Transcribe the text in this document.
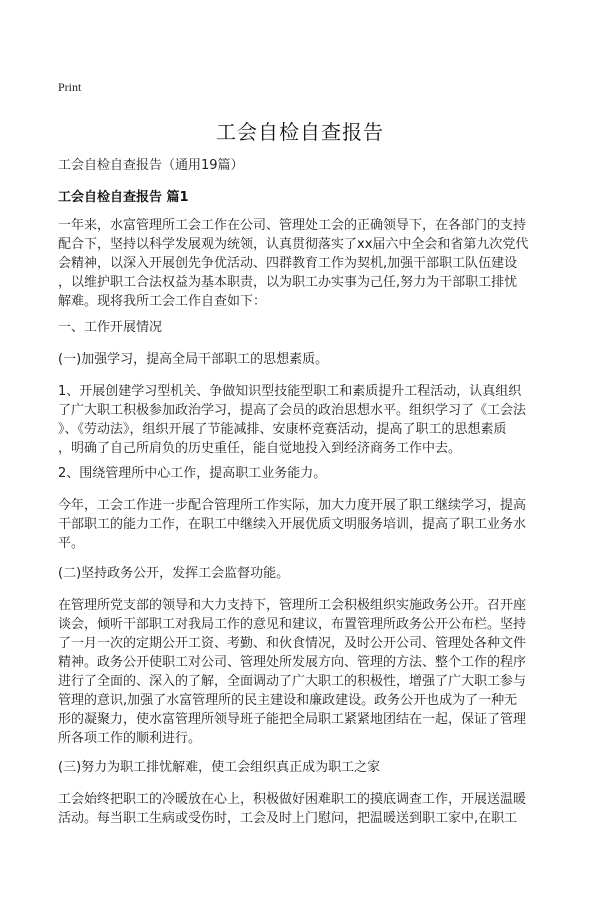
Print
工会自检自查报告
工会自检自查报告（通用19篇）
工会自检自查报告 篇1

一年来，水富管理所工会工作在公司、管理处工会的正确领导下，在各部门的支持
配合下，坚持以科学发展观为统领，认真贯彻落实了xx届六中全会和省第九次党代
会精神，以深入开展创先争优活动、四群教育工作为契机,加强干部职工队伍建设
，以维护职工合法权益为基本职责，以为职工办实事为己任,努力为干部职工排忧
解难。现将我所工会工作自查如下：

一、工作开展情况

(一)加强学习，提高全局干部职工的思想素质。

1、开展创建学习型机关、争做知识型技能型职工和素质提升工程活动，认真组织
了广大职工积极参加政治学习，提高了会员的政治思想水平。组织学习了《工会法
》、《劳动法》，组织开展了节能减排、安康杯竞赛活动，提高了职工的思想素质
，明确了自己所肩负的历史重任，能自觉地投入到经济商务工作中去。

2、围绕管理所中心工作，提高职工业务能力。

今年，工会工作进一步配合管理所工作实际，加大力度开展了职工继续学习，提高
干部职工的能力工作，在职工中继续入开展优质文明服务培训，提高了职工业务水
平。

(二)坚持政务公开，发挥工会监督功能。

在管理所党支部的领导和大力支持下，管理所工会积极组织实施政务公开。召开座
谈会，倾听干部职工对我局工作的意见和建议，布置管理所政务公开公布栏。坚持
了一月一次的定期公开工资、考勤、和伙食情况，及时公开公司、管理处各种文件
精神。政务公开使职工对公司、管理处所发展方向、管理的方法、整个工作的程序
进行了全面的、深入的了解，全面调动了广大职工的积极性，增强了广大职工参与
管理的意识,加强了水富管理所的民主建设和廉政建设。政务公开也成为了一种无
形的凝聚力，使水富管理所领导班子能把全局职工紧紧地团结在一起，保证了管理
所各项工作的顺利进行。

(三)努力为职工排忧解难，使工会组织真正成为职工之家

工会始终把职工的冷暖放在心上，积极做好困难职工的摸底调查工作，开展送温暖
活动。每当职工生病或受伤时，工会及时上门慰问，把温暖送到职工家中,在职工
